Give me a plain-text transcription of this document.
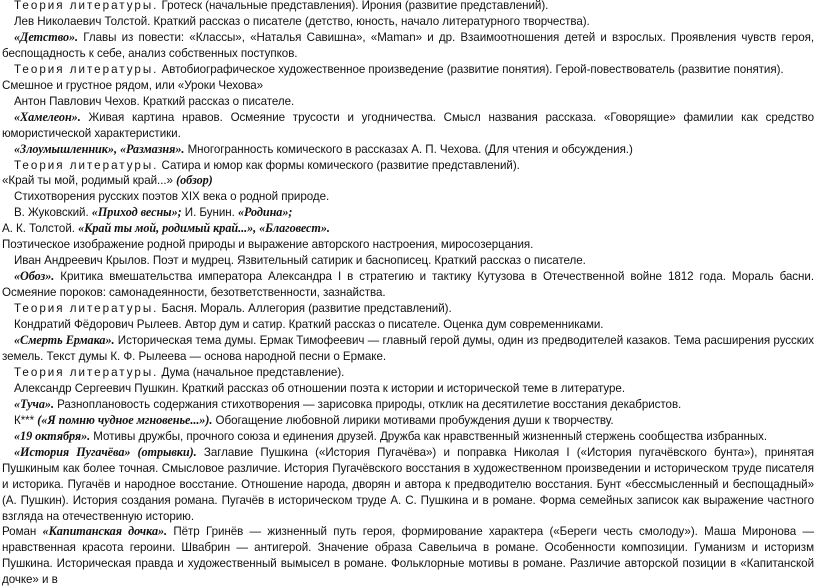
Теория литературы. Гротеск (начальные представления). Ирония (развитие представлений).

Лев Николаевич Толстой. Краткий рассказ о писателе (детство, юность, начало литературного творчества).

«Детство». Главы из повести: «Классы», «Наталья Савишна», «Maman» и др. Взаимоотношения детей и взрослых. Проявления чувств героя, беспощадность к себе, анализ собственных поступков.

Теория литературы. Автобиографическое художественное произведение (развитие понятия). Герой-повествователь (развитие понятия).

Смешное и грустное рядом, или «Уроки Чехова»

Антон Павлович Чехов. Краткий рассказ о писателе.

«Хамелеон». Живая картина нравов. Осмеяние трусости и угодничества. Смысл названия рассказа. «Говорящие» фамилии как средство юмористической характеристики.

«Злоумышленник», «Размазня». Многогранность комического в рассказах А. П. Чехова. (Для чтения и обсуждения.)

Теория литературы. Сатира и юмор как формы комического (развитие представлений).

«Край ты мой, родимый край...» (обзор)

Стихотворения русских поэтов XIX века о родной природе.

В. Жуковский. «Приход весны»; И. Бунин. «Родина»;

А. К. Толстой. «Край ты мой, родимый край...», «Благовест».

Поэтическое изображение родной природы и выражение авторского настроения, миросозерцания.

Иван Андреевич Крылов. Поэт и мудрец. Язвительный сатирик и баснописец. Краткий рассказ о писателе.

«Обоз». Критика вмешательства императора Александра I в стратегию и тактику Кутузова в Отечественной войне 1812 года. Мораль басни. Осмеяние пороков: самонадеянности, безответственности, зазнайства.

Теория литературы. Басня. Мораль. Аллегория (развитие представлений).

Кондратий Фёдорович Рылеев. Автор дум и сатир. Краткий рассказ о писателе. Оценка дум современниками.

«Смерть Ермака». Историческая тема думы. Ермак Тимофеевич — главный герой думы, один из предводителей казаков. Тема расширения русских земель. Текст думы К. Ф. Рылеева — основа народной песни о Ермаке.

Теория литературы. Дума (начальное представление).

Александр Сергеевич Пушкин. Краткий рассказ об отношении поэта к истории и исторической теме в литературе.

«Туча». Разноплановость содержания стихотворения — зарисовка природы, отклик на десятилетие восстания декабристов.

К*** («Я помню чудное мгновенье...»). Обогащение любовной лирики мотивами пробуждения души к творчеству.

«19 октября». Мотивы дружбы, прочного союза и единения друзей. Дружба как нравственный жизненный стержень сообщества избранных.

«История Пугачёва» (отрывки). Заглавие Пушкина («История Пугачёва») и поправка Николая I («История пугачёвского бунта»), принятая Пушкиным как более точная. Смысловое различие. История Пугачёвского восстания в художественном произведении и историческом труде писателя и историка. Пугачёв и народное восстание. Отношение народа, дворян и автора к предводителю восстания. Бунт «бессмысленный и беспощадный» (А. Пушкин). История создания романа. Пугачёв в историческом труде А. С. Пушкина и в романе. Форма семейных записок как выражение частного взгляда на отечественную историю.

Роман «Капитанская дочка». Пётр Гринёв — жизненный путь героя, формирование характера («Береги честь смолоду»). Маша Миронова — нравственная красота героини. Швабрин — антигерой. Значение образа Савельича в романе. Особенности композиции. Гуманизм и историзм Пушкина. Историческая правда и художественный вымысел в романе. Фольклорные мотивы в романе. Различие авторской позиции в «Капитанской дочке» и в
